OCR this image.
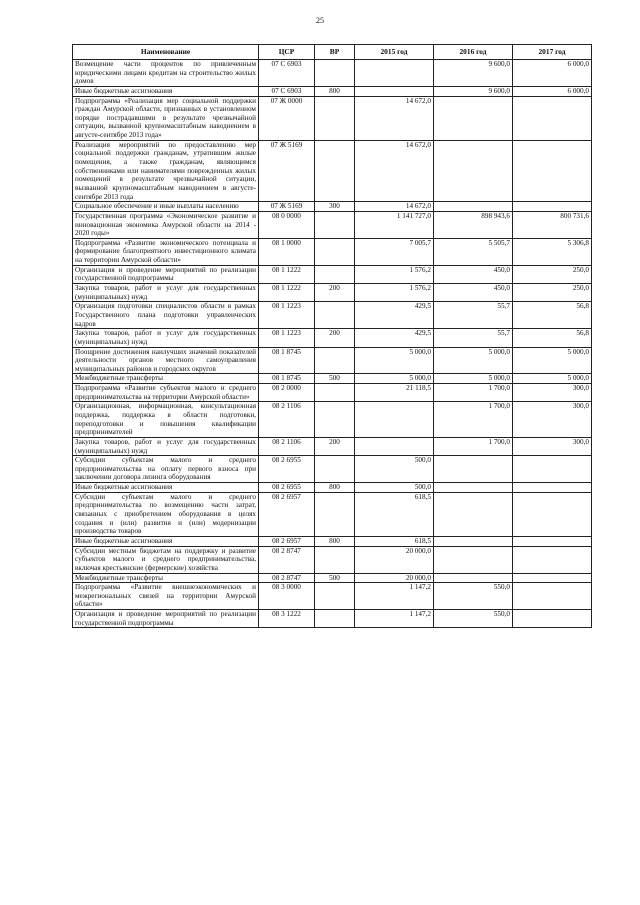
25
Наименование	ЦСР	ВР	2015 год	2016 год	2017 год
Возмещение части процентов по привлеченным юридическими лицами кредитам на строительство жилых домов	07 С 6903			9 600,0	6 000,0
Иные бюджетные ассигнования	07 С 6903	800		9 600,0	6 000,0
Подпрограмма «Реализация мер социальной поддержки граждан Амурской области, признанных в установленном порядке пострадавшими в результате чрезвычайной ситуации, вызванной крупномасштабным наводнением в августе-сентябре 2013 года»	07 Ж 0000		14 672,0		
Реализация мероприятий по предоставлению мер социальной поддержки гражданам, утратившим жилые помещения, а также гражданам, являющимся собственниками или нанимателями поврежденных жилых помещений в результате чрезвычайной ситуации, вызванной крупномасштабным наводнением в августе-сентябре 2013 года	07 Ж 5169		14 672,0		
Социальное обеспечение и иные выплаты населению	07 Ж 5169	300	14 672,0		
Государственная программа «Экономическое развитие и инновационная экономика Амурской области на 2014 - 2020 годы»	08 0 0000		1 141 727,0	898 943,6	800 731,6
Подпрограмма «Развитие экономического потенциала и формирование благоприятного инвестиционного климата на территории Амурской области»	08 1 0000		7 005,7	5 505,7	5 306,8
Организация и проведение мероприятий по реализации государственной подпрограммы	08 1 1222		1 576,2	450,0	250,0
Закупка товаров, работ и услуг для государственных (муниципальных) нужд	08 1 1222	200	1 576,2	450,0	250,0
Организация подготовки специалистов области в рамках Государственного плана подготовки управленческих кадров	08 1 1223		429,5	55,7	56,8
Закупка товаров, работ и услуг для государственных (муниципальных) нужд	08 1 1223	200	429,5	55,7	56,8
Поощрение достижения наилучших значений показателей деятельности органов местного самоуправления муниципальных районов и городских округов	08 1 8745		5 000,0	5 000,0	5 000,0
Межбюджетные трансферты	08 1 8745	500	5 000,0	5 000,0	5 000,0
Подпрограмма «Развитие субъектов малого и среднего предпринимательства на территории Амурской области»	08 2 0000		21 118,5	1 700,0	300,0
Организационная, информационная, консультационная поддержка, поддержка в области подготовки, переподготовки и повышения квалификации предпринимателей	08 2 1106			1 700,0	300,0
Закупка товаров, работ и услуг для государственных (муниципальных) нужд	08 2 1106	200		1 700,0	300,0
Субсидии субъектам малого и среднего предпринимательства на оплату первого взноса при заключении договора лизинга оборудования	08 2 6955		500,0		
Иные бюджетные ассигнования	08 2 6955	800	500,0		
Субсидии субъектам малого и среднего предпринимательства по возмещению части затрат, связанных с приобретением оборудования в целях создания и (или) развития и (или) модернизации производства товаров	08 2 6957		618,5		
Иные бюджетные ассигнования	08 2 6957	800	618,5		
Субсидии местным бюджетам на поддержку и развитие субъектов малого и среднего предпринимательства, включая крестьянские (фермерские) хозяйства	08 2 8747		20 000,0		
Межбюджетные трансферты	08 2 8747	500	20 000,0		
Подпрограмма «Развитие внешнеэкономических и межрегиональных связей на территории Амурской области»	08 3 0000		1 147,2	550,0	
Организация и проведение мероприятий по реализации государственной подпрограммы	08 3 1222		1 147,2	550,0	
